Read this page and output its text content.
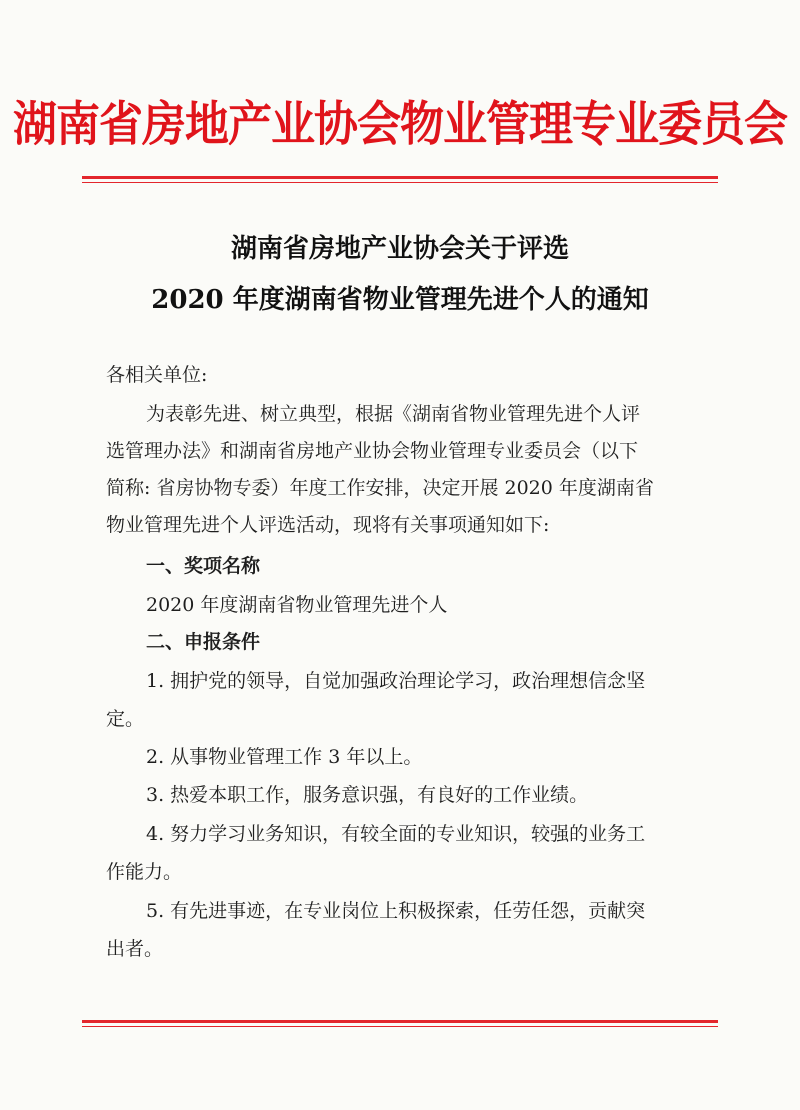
湖南省房地产业协会物业管理专业委员会
湖南省房地产业协会关于评选
2020 年度湖南省物业管理先进个人的通知
各相关单位:
为表彰先进、树立典型，根据《湖南省物业管理先进个人评
选管理办法》和湖南省房地产业协会物业管理专业委员会（以下
简称: 省房协物专委）年度工作安排，决定开展 2020 年度湖南省
物业管理先进个人评选活动，现将有关事项通知如下:
一、奖项名称
2020 年度湖南省物业管理先进个人
二、申报条件
1. 拥护党的领导，自觉加强政治理论学习，政治理想信念坚
定。
2. 从事物业管理工作 3 年以上。
3. 热爱本职工作，服务意识强，有良好的工作业绩。
4. 努力学习业务知识，有较全面的专业知识，较强的业务工
作能力。
5. 有先进事迹，在专业岗位上积极探索，任劳任怨，贡献突
出者。
